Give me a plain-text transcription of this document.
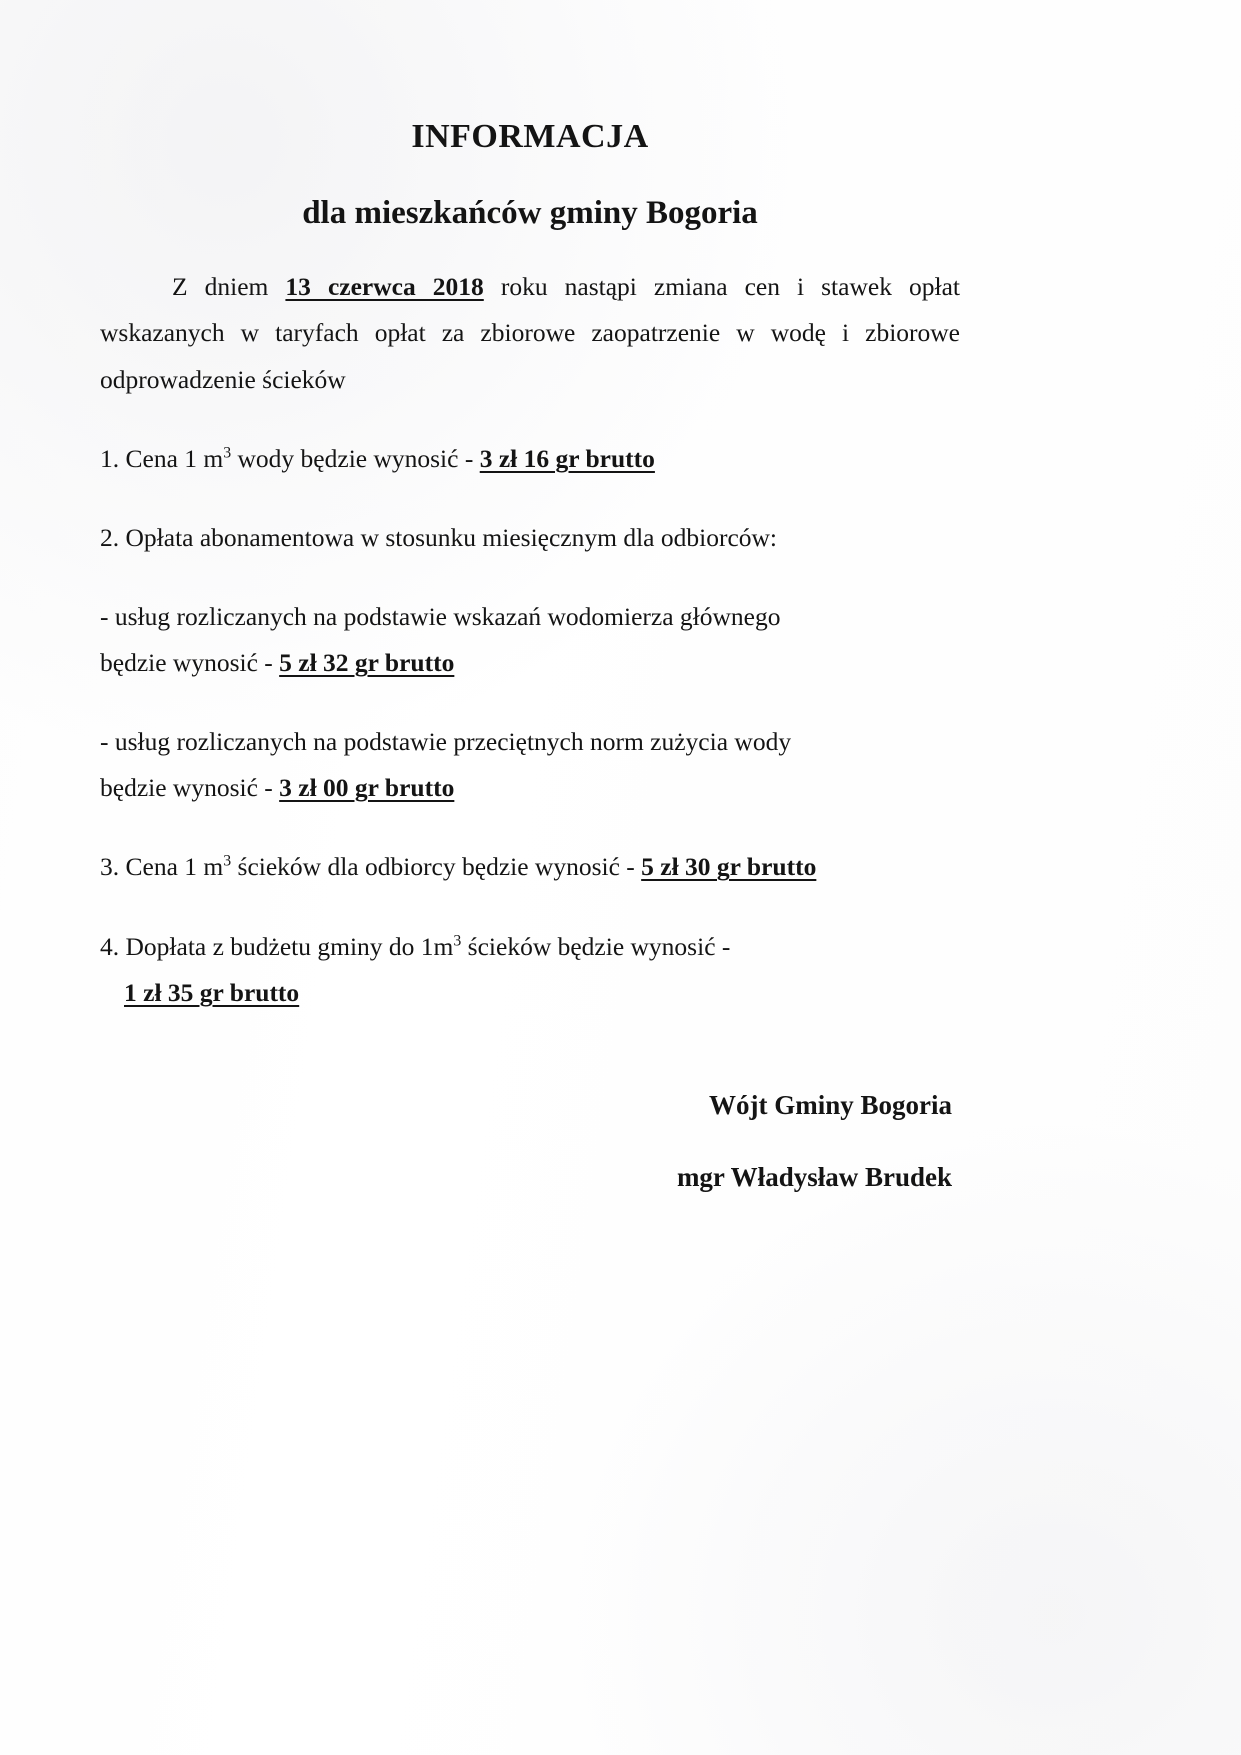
INFORMACJA
dla mieszkańców gminy Bogoria

Z dniem 13 czerwca 2018 roku nastąpi zmiana cen i stawek opłat wskazanych w taryfach opłat za zbiorowe zaopatrzenie w wodę i zbiorowe odprowadzenie ścieków

1. Cena 1 $m^3$ wody będzie wynosić - 3 zł 16 gr brutto

2. Opłata abonamentowa w stosunku miesięcznym dla odbiorców:

- usług rozliczanych na podstawie wskazań wodomierza głównego

będzie wynosić - 5 zł 32 gr brutto

- usług rozliczanych na podstawie przeciętnych norm zużycia wody

będzie wynosić - 3 zł 00 gr brutto

3. Cena 1 $m^3$ ścieków dla odbiorcy będzie wynosić - 5 zł 30 gr brutto

4. Dopłata z budżetu gminy do $1m^3$ ścieków będzie wynosić -

1 zł 35 gr brutto

Wójt Gminy Bogoria
mgr Władysław Brudek
